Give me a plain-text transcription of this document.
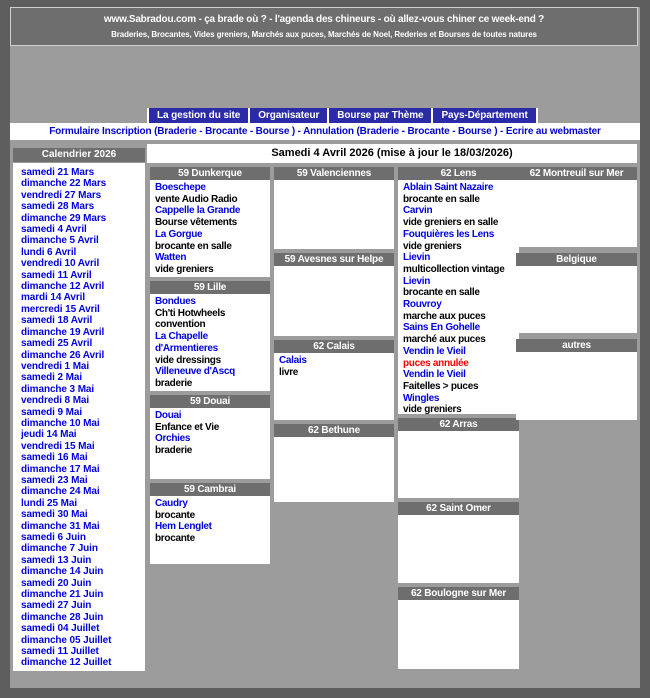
www.Sabradou.com - ça brade où ? - l'agenda des chineurs - où allez-vous chiner ce week-end ?
Braderies, Brocantes, Vides greniers, Marchés aux puces, Marchés de Noel, Rederies et Bourses de toutes natures
La gestion du site	Organisateur	Bourse par Thème	Pays-Département
Formulaire Inscription (Braderie - Brocante - Bourse ) - Annulation (Braderie - Brocante - Bourse ) - Ecrire au webmaster
Samedi 4 Avril 2026 (mise à jour le 18/03/2026)
Calendrier 2026
samedi 21 Mars
dimanche 22 Mars
vendredi 27 Mars
samedi 28 Mars
dimanche 29 Mars
samedi 4 Avril
dimanche 5 Avril
lundi 6 Avril
vendredi 10 Avril
samedi 11 Avril
dimanche 12 Avril
mardi 14 Avril
mercredi 15 Avril
samedi 18 Avril
dimanche 19 Avril
samedi 25 Avril
dimanche 26 Avril
vendredi 1 Mai
samedi 2 Mai
dimanche 3 Mai
vendredi 8 Mai
samedi 9 Mai
dimanche 10 Mai
jeudi 14 Mai
vendredi 15 Mai
samedi 16 Mai
dimanche 17 Mai
samedi 23 Mai
dimanche 24 Mai
lundi 25 Mai
samedi 30 Mai
dimanche 31 Mai
samedi 6 Juin
dimanche 7 Juin
samedi 13 Juin
dimanche 14 Juin
samedi 20 Juin
dimanche 21 Juin
samedi 27 Juin
dimanche 28 Juin
samedi 04 Juillet
dimanche 05 Juillet
samedi 11 Juillet
dimanche 12 Juillet
59 Dunkerque
Boeschepe
vente Audio Radio
Cappelle la Grande
Bourse vêtements
La Gorgue
brocante en salle
Watten
vide greniers
59 Lille
Bondues
Ch'ti Hotwheels convention
La Chapelle d'Armentieres
vide dressings
Villeneuve d'Ascq
braderie
59 Douai
Douai
Enfance et Vie
Orchies
braderie
59 Cambrai
Caudry
brocante
Hem Lenglet
brocante
59 Valenciennes
59 Avesnes sur Helpe
62 Calais
Calais
livre
62 Bethune
62 Lens
Ablain Saint Nazaire
brocante en salle
Carvin
vide greniers en salle
Fouquières les Lens
vide greniers
Lievin
multicollection vintage
Lievin
brocante en salle
Rouvroy
marche aux puces
Sains En Gohelle
marché aux puces
Vendin le Vieil
puces annulée
Vendin le Vieil
Faitelles > puces
Wingles
vide greniers
62 Arras
62 Saint Omer
62 Boulogne sur Mer
62 Montreuil sur Mer
Belgique
autres
